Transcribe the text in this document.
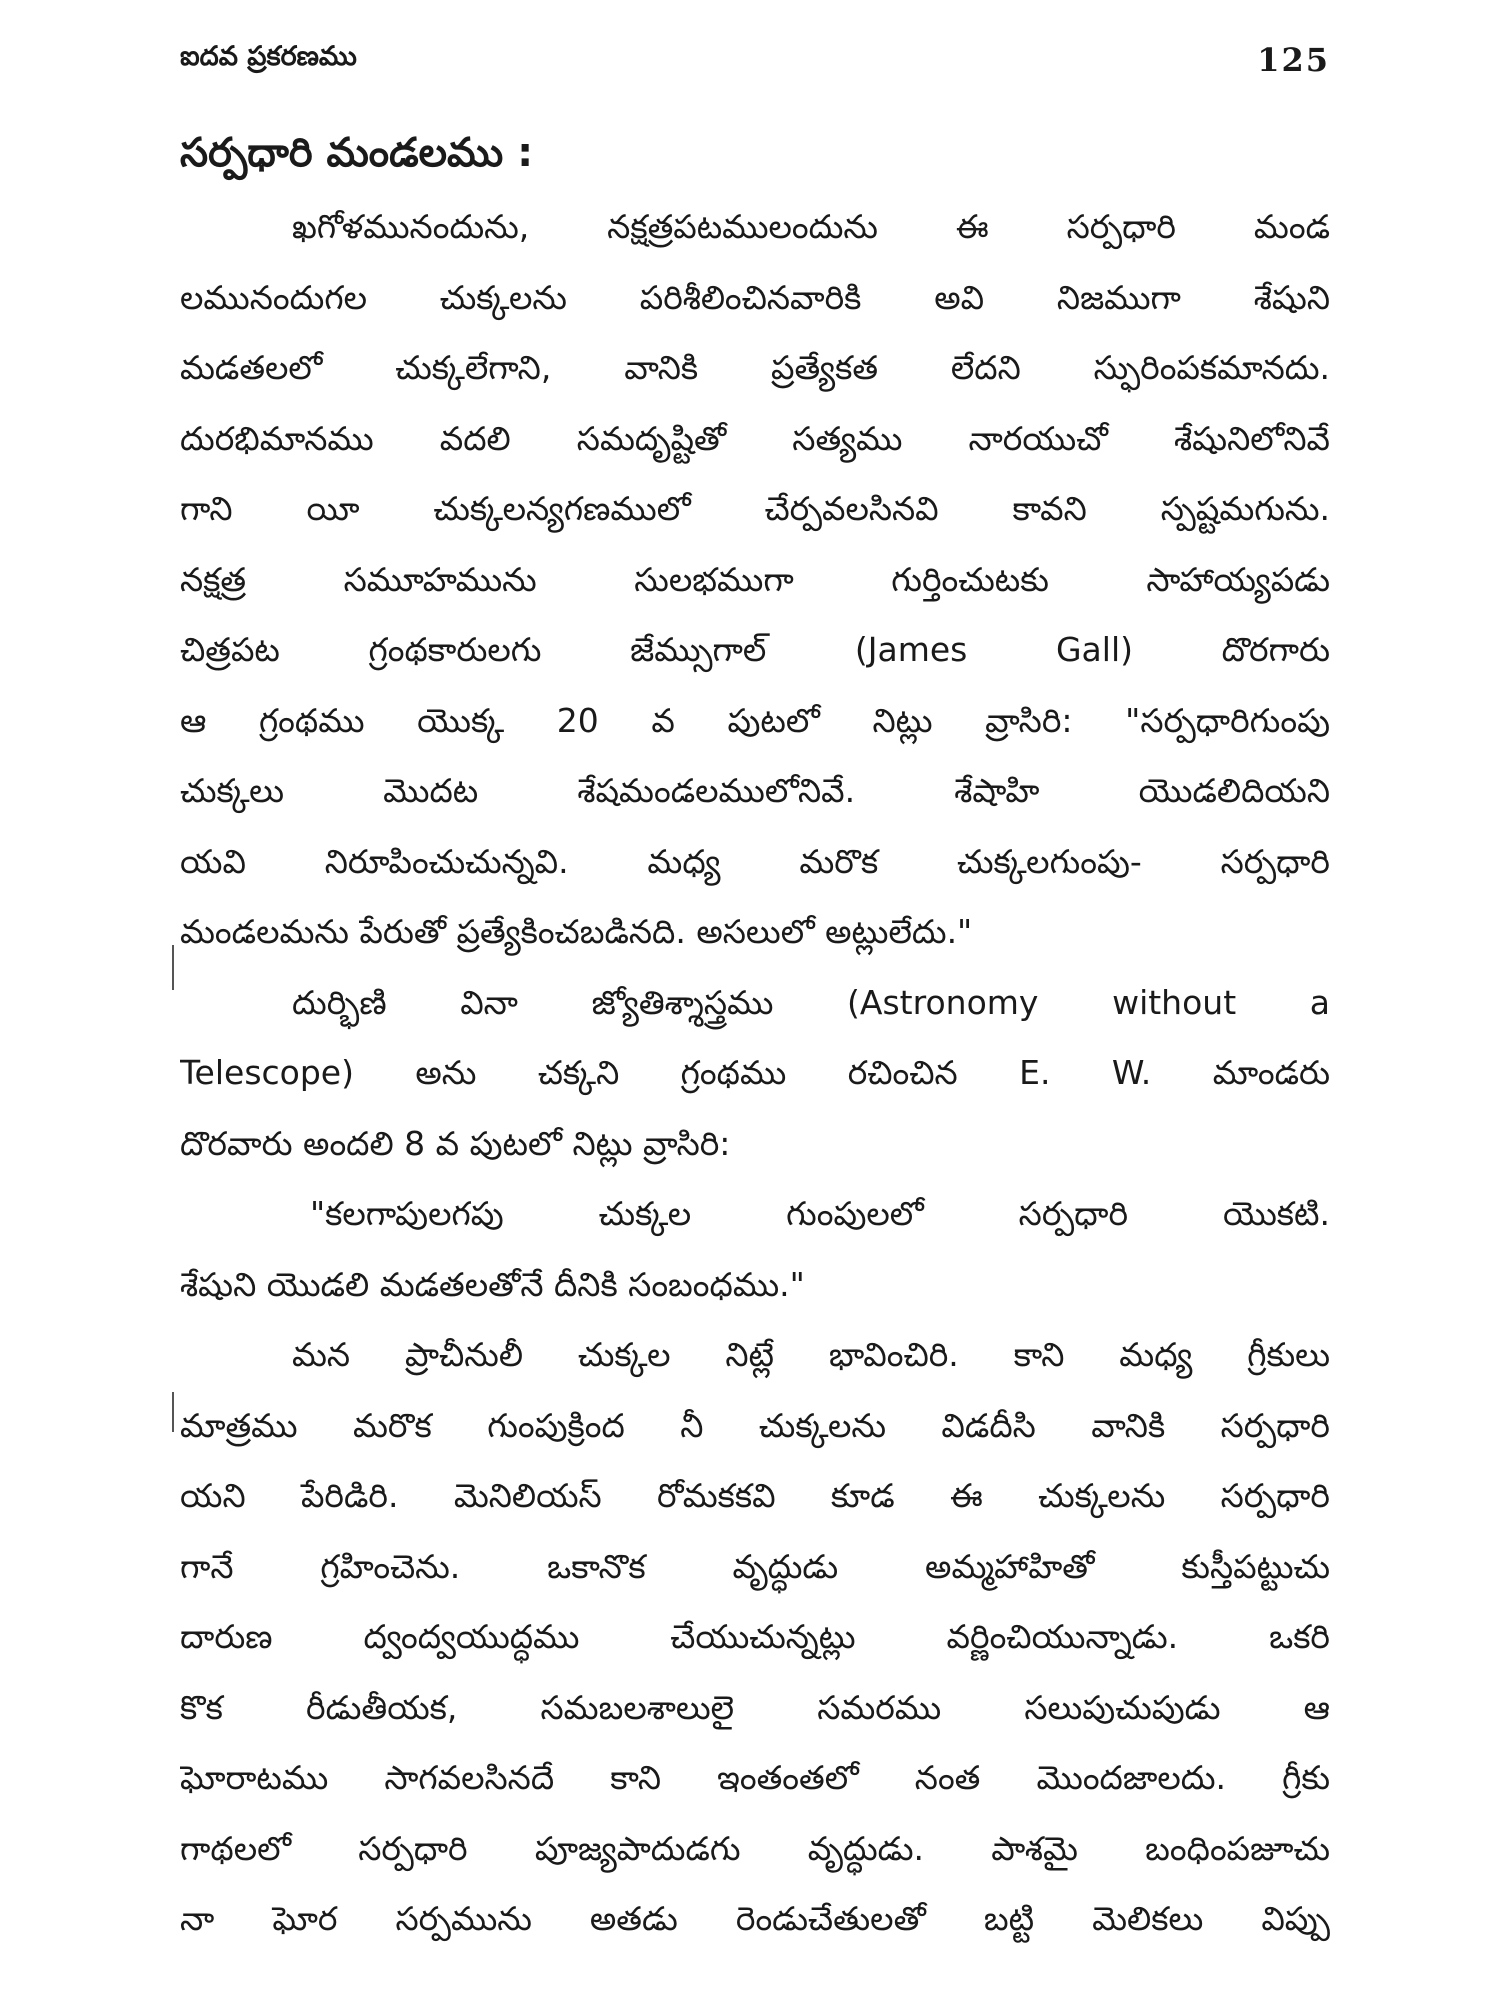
ఐదవ ప్రకరణము	125
సర్పధారి మండలము :
ఖగోళమునందును, నక్షత్రపటములందును ఈ సర్పధారి మండ
లమునందుగల చుక్కలను పరిశీలించినవారికి అవి నిజముగా శేషుని
మడతలలో చుక్కలేగాని, వానికి ప్రత్యేకత లేదని స్ఫురింపకమానదు.
దురభిమానము వదలి సమదృష్టితో సత్యము నారయుచో శేషునిలోనివే
గాని యీ చుక్కలన్యగణములో చేర్పవలసినవి కావని స్పష్టమగును.
నక్షత్ర సమూహమును సులభముగా గుర్తించుటకు సాహాయ్యపడు
చిత్రపట గ్రంథకారులగు జేమ్సుగాల్ (James Gall) దొరగారు
ఆ గ్రంథము యొక్క 20 వ పుటలో నిట్లు వ్రాసిరి: "సర్పధారిగుంపు
చుక్కలు మొదట శేషమండలములోనివే. శేషాహి యొడలిదియని
యవి నిరూపించుచున్నవి. మధ్య మరొక చుక్కలగుంపు- సర్పధారి
మండలమను పేరుతో ప్రత్యేకించబడినది. అసలులో అట్లులేదు."
దుర్భిణి వినా జ్యోతిశ్శాస్త్రము (Astronomy without a
Telescope) అను చక్కని గ్రంథము రచించిన E. W. మాండరు
దొరవారు అందలి 8 వ పుటలో నిట్లు వ్రాసిరి:
"కలగాపులగపు చుక్కల గుంపులలో సర్పధారి యొకటి.
శేషుని యొడలి మడతలతోనే దీనికి సంబంధము."
మన ప్రాచీనులీ చుక్కల నిట్లే భావించిరి. కాని మధ్య గ్రీకులు
మాత్రము మరొక గుంపుక్రింద నీ చుక్కలను విడదీసి వానికి సర్పధారి
యని పేరిడిరి. మెనిలియస్ రోమకకవి కూడ ఈ చుక్కలను సర్పధారి
గానే గ్రహించెను. ఒకానొక వృద్ధుడు అమ్మహాహితో కుస్తీపట్టుచు
దారుణ ద్వంద్వయుద్ధము చేయుచున్నట్లు వర్ణించియున్నాడు. ఒకరి
కొక రీడుతీయక, సమబలశాలులై సమరము సలుపుచుపుడు ఆ
ఘోరాటము సాగవలసినదే కాని ఇంతంతలో నంత మొందజాలదు. గ్రీకు
గాథలలో సర్పధారి పూజ్యపాదుడగు వృద్ధుడు. పాశమై బంధింపజూచు
నా ఘోర సర్పమును అతడు రెండుచేతులతో బట్టి మెలికలు విప్పు
